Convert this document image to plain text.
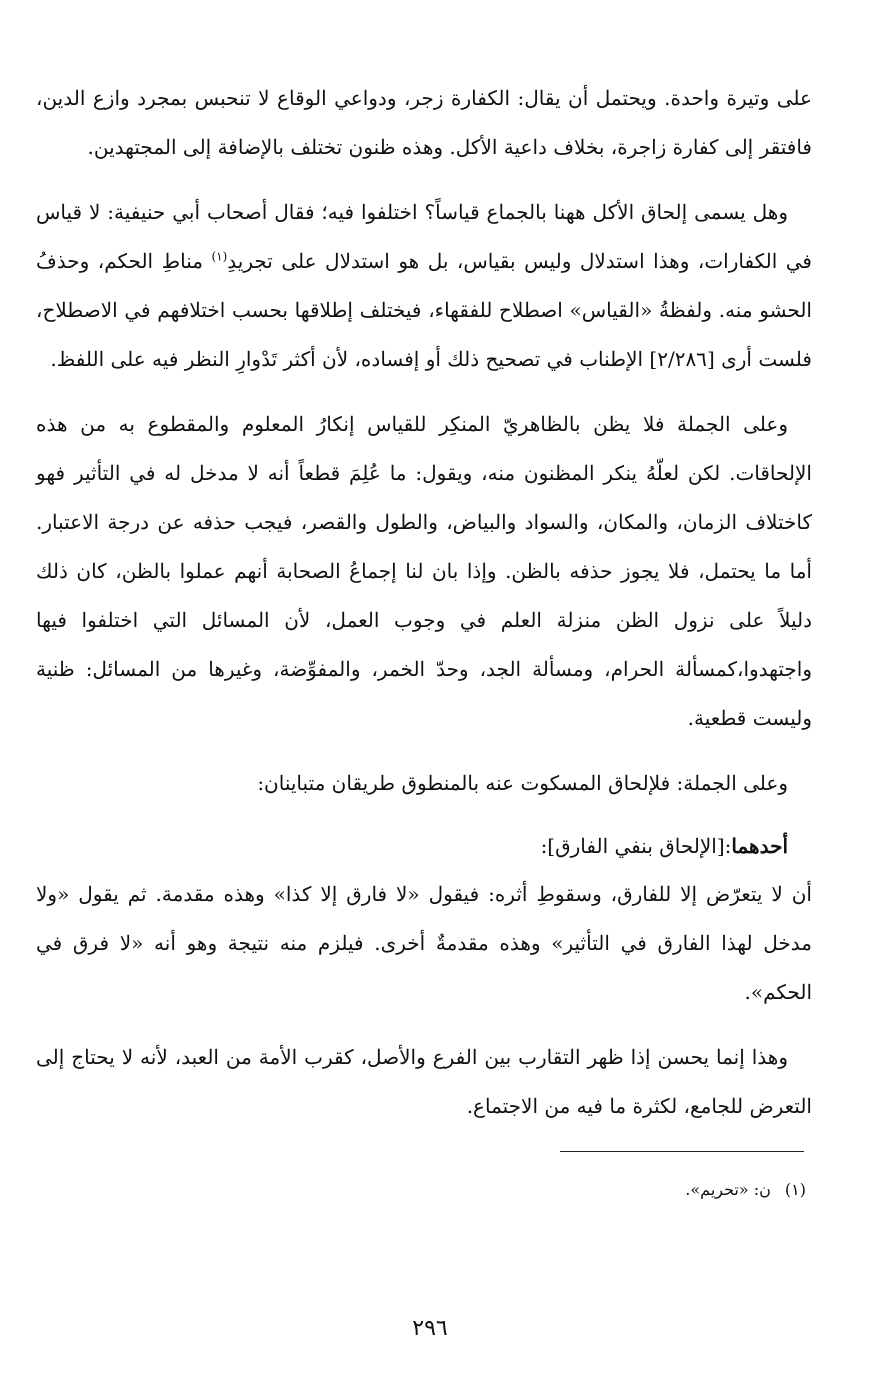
على وتيرة واحدة. ويحتمل أن يقال: الكفارة زجر، ودواعي الوقاع لا تنحبس بمجرد وازع الدين، فافتقر إلى كفارة زاجرة، بخلاف داعية الأكل. وهذه ظنون تختلف بالإضافة إلى المجتهدين.

وهل يسمى إلحاق الأكل ههنا بالجماع قياساً؟ اختلفوا فيه؛ فقال أصحاب أبي حنيفية: لا قياس في الكفارات، وهذا استدلال وليس بقياس، بل هو استدلال على تجريدِ$^{(١)}$ مناطِ الحكم، وحذفُ الحشو منه. ولفظةُ «القياس» اصطلاح للفقهاء، فيختلف إطلاقها بحسب اختلافهم في الاصطلاح، فلست أرى [٢/٢٨٦] الإطناب في تصحيح ذلك أو إفساده، لأن أكثر تَدْوارِ النظر فيه على اللفظ.

وعلى الجملة فلا يظن بالظاهريّ المنكِر للقياس إنكارُ المعلوم والمقطوع به من هذه الإلحاقات. لكن لعلّهُ ينكر المظنون منه، ويقول: ما عُلِمَ قطعاً أنه لا مدخل له في التأثير فهو كاختلاف الزمان، والمكان، والسواد والبياض، والطول والقصر، فيجب حذفه عن درجة الاعتبار. أما ما يحتمل، فلا يجوز حذفه بالظن. وإذا بان لنا إجماعُ الصحابة أنهم عملوا بالظن، كان ذلك دليلاً على نزول الظن منزلة العلم في وجوب العمل، لأن المسائل التي اختلفوا فيها واجتهدوا،كمسألة الحرام، ومسألة الجد، وحدّ الخمر، والمفوِّضة، وغيرها من المسائل: ظنية وليست قطعية.

وعلى الجملة: فلإلحاق المسكوت عنه بالمنطوق طريقان متباينان:

أحدهما:[الإلحاق بنفي الفارق]:

أن لا يتعرّض إلا للفارق، وسقوطِ أثره: فيقول «لا فارق إلا كذا» وهذه مقدمة. ثم يقول «ولا مدخل لهذا الفارق في التأثير» وهذه مقدمةٌ أخرى. فيلزم منه نتيجة وهو أنه «لا فرق في الحكم».

وهذا إنما يحسن إذا ظهر التقارب بين الفرع والأصل، كقرب الأمة من العبد، لأنه لا يحتاج إلى التعرض للجامع، لكثرة ما فيه من الاجتماع.

(١)ن: «تحريم».
٢٩٦
